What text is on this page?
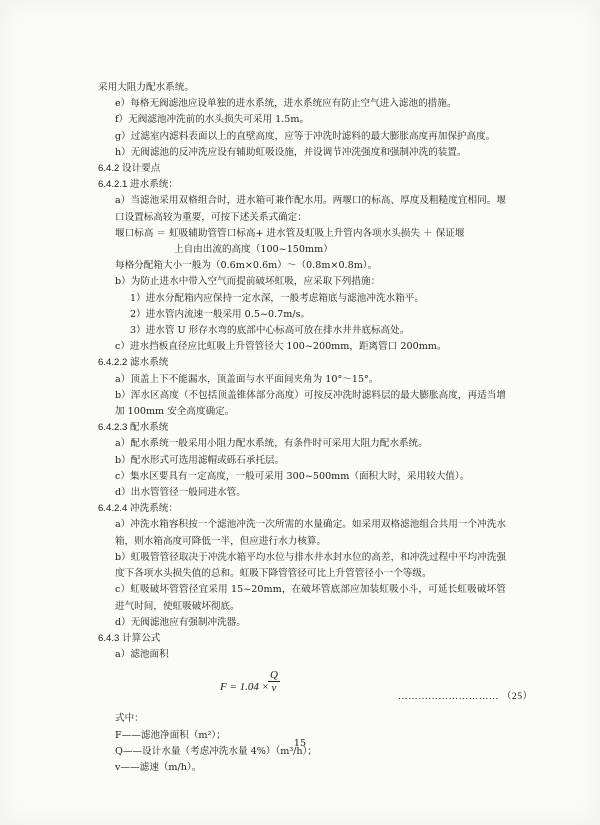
采用大阻力配水系统。
e）每格无阀滤池应设单独的进水系统，进水系统应有防止空气进入滤池的措施。
f）无阀滤池冲洗前的水头损失可采用 1.5m。
g）过滤室内滤料表面以上的直壁高度，应等于冲洗时滤料的最大膨胀高度再加保护高度。
h）无阀滤池的反冲洗应设有辅助虹吸设施，并设调节冲洗强度和强制冲洗的装置。
6.4.2 设计要点
6.4.2.1 进水系统：
a）当滤池采用双格组合时，进水箱可兼作配水用。两堰口的标高、厚度及粗糙度宜相同。堰口设置标高较为重要，可按下述关系式确定：
堰口标高 ＝ 虹吸辅助管管口标高+ 进水管及虹吸上升管内各项水头损失 ＋ 保证堰
上自由出流的高度（100~150mm）
每格分配箱大小一般为（0.6m×0.6m）～（0.8m×0.8m）。
b）为防止进水中带入空气而提前破坏虹吸，应采取下列措施：
1）进水分配箱内应保持一定水深，一般考虑箱底与滤池冲洗水箱平。
2）进水管内流速一般采用 0.5~0.7m/s。
3）进水管 U 形存水弯的底部中心标高可放在排水井井底标高处。
c）进水挡板直径应比虹吸上升管管径大 100~200mm，距离管口 200mm。
6.4.2.2 滤水系统
a）顶盖上下不能漏水，顶盖面与水平面间夹角为 10°～15°。
b）浑水区高度（不包括顶盖锥体部分高度）可按反冲洗时滤料层的最大膨胀高度，再适当增加 100mm 安全高度确定。
6.4.2.3 配水系统
a）配水系统一般采用小阻力配水系统，有条件时可采用大阻力配水系统。
b）配水形式可选用滤帽或砾石承托层。
c）集水区要具有一定高度，一般可采用 300~500mm（面积大时，采用较大值）。
d）出水管管径一般同进水管。
6.4.2.4 冲洗系统：
a）冲洗水箱容积按一个滤池冲洗一次所需的水量确定。如采用双格滤池组合共用一个冲洗水箱，则水箱高度可降低一半，但应进行水力核算。
b）虹吸管管径取决于冲洗水箱平均水位与排水井水封水位的高差，和冲洗过程中平均冲洗强度下各项水头损失值的总和。虹吸下降管管径可比上升管管径小一个等级。
c）虹吸破坏管管径宜采用 15~20mm，在破坏管底部应加装虹吸小斗，可延长虹吸破坏管进气时间，使虹吸破坏彻底。
d）无阀滤池应有强制冲洗器。
6.4.3 计算公式
a）滤池面积
F = 1.04 ×
Q
v
………………………… （25）
式中：
F——滤池净面积（m²）；
Q——设计水量（考虑冲洗水量 4%）（m³/h）；
v——滤速（m/h）。
15
